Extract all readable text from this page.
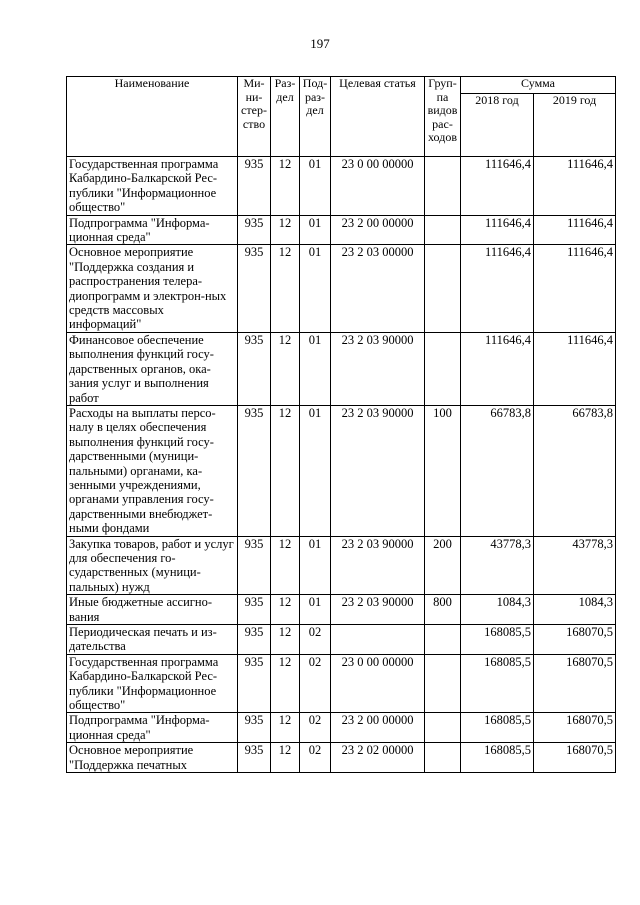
197
Наименование	Ми-ни-стер-ство	Раз-дел	Под-раз-дел	Целевая статья	Груп-па видов рас-ходов	Сумма	
						2018 год	2019 год
Государственная программа Кабардино-Балкарской Рес-публики "Информационное общество"	935	12	01	23 0 00 00000		111646,4	111646,4
Подпрограмма "Информа-ционная среда"	935	12	01	23 2 00 00000		111646,4	111646,4
Основное мероприятие "Поддержка создания и распространения телера-диопрограмм и электрон-ных средств массовых информаций"	935	12	01	23 2 03 00000		111646,4	111646,4
Финансовое обеспечение выполнения функций госу-дарственных органов, ока-зания услуг и выполнения работ	935	12	01	23 2 03 90000		111646,4	111646,4
Расходы на выплаты персо-налу в целях обеспечения выполнения функций госу-дарственными (муници-пальными) органами, ка-зенными учреждениями, органами управления госу-дарственными внебюджет-ными фондами	935	12	01	23 2 03 90000	100	66783,8	66783,8
Закупка товаров, работ и услуг для обеспечения го-сударственных (муници-пальных) нужд	935	12	01	23 2 03 90000	200	43778,3	43778,3
Иные бюджетные ассигно-вания	935	12	01	23 2 03 90000	800	1084,3	1084,3
Периодическая печать и из-дательства	935	12	02			168085,5	168070,5
Государственная программа Кабардино-Балкарской Рес-публики "Информационное общество"	935	12	02	23 0 00 00000		168085,5	168070,5
Подпрограмма "Информа-ционная среда"	935	12	02	23 2 00 00000		168085,5	168070,5
Основное мероприятие "Поддержка печатных	935	12	02	23 2 02 00000		168085,5	168070,5
